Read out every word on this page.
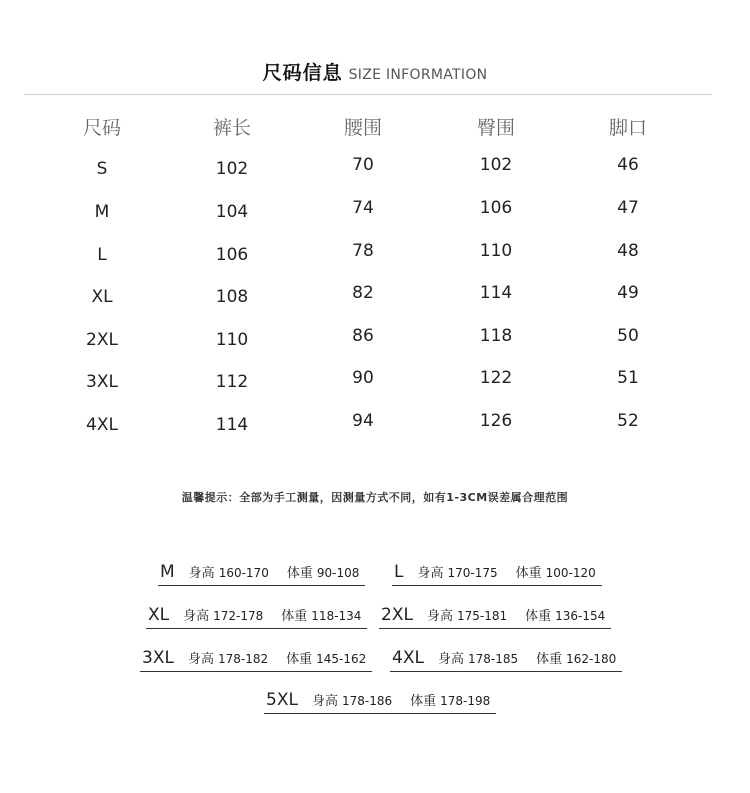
尺码信息 SIZE INFORMATION
尺码	裤长	腰围	臀围	脚口
S	102	70	102	46
M	104	74	106	47
L	106	78	110	48
XL	108	82	114	49
2XL	110	86	118	50
3XL	112	90	122	51
4XL	114	94	126	52
温馨提示：全部为手工测量，因测量方式不同，如有1-3CM误差属合理范围
M 身高 160-170 体重 90-108	L 身高 170-175 体重 100-120
XL 身高 172-178 体重 118-134	2XL 身高 175-181 体重 136-154
3XL 身高 178-182 体重 145-162	4XL 身高 178-185 体重 162-180
5XL 身高 178-186 体重 178-198
